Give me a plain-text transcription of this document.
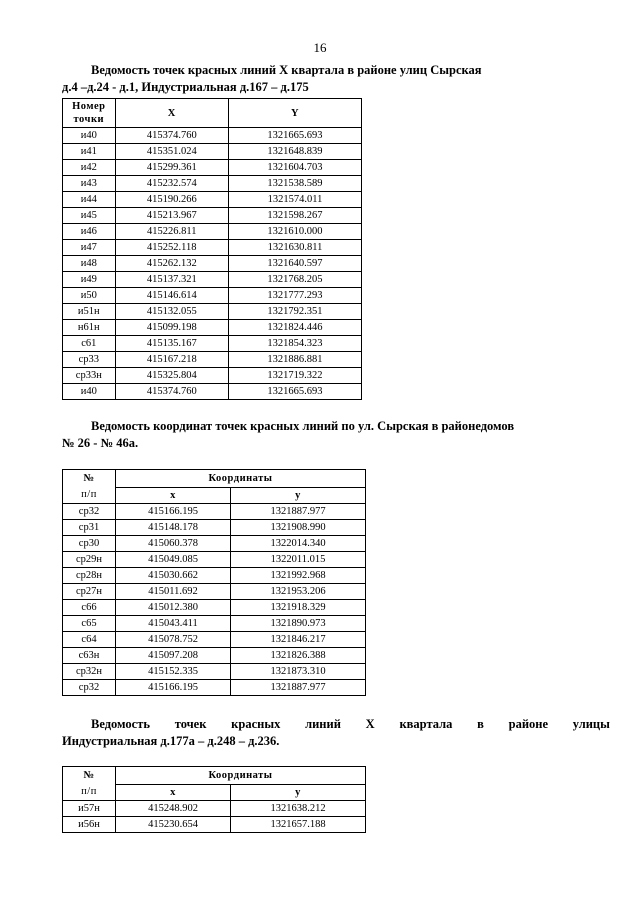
16
Ведомость точек красных линий Х квартала в районе улиц Сырская
д.4 –д.24 - д.1, Индустриальная д.167 – д.175
Номер точки	Х	Y
и40	415374.760	1321665.693
и41	415351.024	1321648.839
и42	415299.361	1321604.703
и43	415232.574	1321538.589
и44	415190.266	1321574.011
и45	415213.967	1321598.267
и46	415226.811	1321610.000
и47	415252.118	1321630.811
и48	415262.132	1321640.597
и49	415137.321	1321768.205
и50	415146.614	1321777.293
и51н	415132.055	1321792.351
н61н	415099.198	1321824.446
с61	415135.167	1321854.323
ср33	415167.218	1321886.881
ср33н	415325.804	1321719.322
и40	415374.760	1321665.693
Ведомость координат точек красных линий по ул. Сырская в районедомов
№ 26 - № 46а.
№
п/п	Координаты	
	х	у
ср32	415166.195	1321887.977
ср31	415148.178	1321908.990
ср30	415060.378	1322014.340
ср29н	415049.085	1322011.015
ср28н	415030.662	1321992.968
ср27н	415011.692	1321953.206
с66	415012.380	1321918.329
с65	415043.411	1321890.973
с64	415078.752	1321846.217
с63н	415097.208	1321826.388
ср32н	415152.335	1321873.310
ср32	415166.195	1321887.977
Ведомость точек красных линий Х квартала в районе улицы
Индустриальная д.177а – д.248 – д.236.
№
п/п	Координаты	
	х	у
и57н	415248.902	1321638.212
и56н	415230.654	1321657.188
